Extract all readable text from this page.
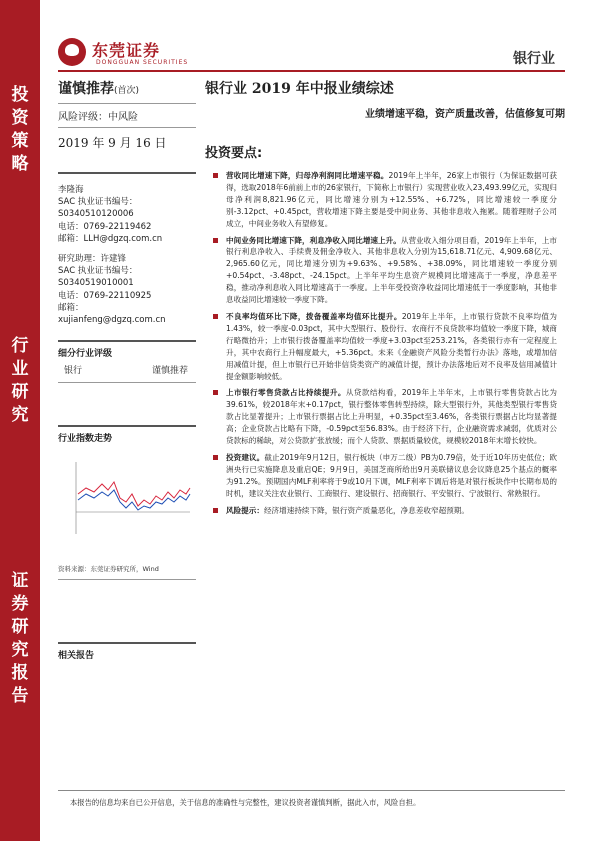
投
资
策
略
行
业
研
究
证
券
研
究
报
告
东莞证券
DONGGUAN SECURITIES	银行业
谨慎推荐(首次)
风险评级：中风险
李隆海
SAC 执业证书编号：
S0340510120006
电话：0769-22119462
邮箱：LLH@dgzq.com.cn
研究助理：许建锋
SAC 执业证书编号：
S0340519010001
电话：0769-22110925
邮箱：
xujianfeng@dgzq.com.cn
细分行业评级
银行	谨慎推荐
行业指数走势
资料来源：东莞证券研究所，Wind
相关报告
银行业 2019 年中报业绩综述
业绩增速平稳，资产质量改善，估值修复可期
2019 年 9 月 16 日
投资要点:
营收同比增速下降，归母净利润同比增速平稳。2019年上半年，26家上市银行（为保证数据可获得，选取2018年6前前上市的26家银行，下简称上市银行）实现营业收入23,493.99亿元，实现归母净利润8,821.96亿元，同比增速分别为+12.55%、+6.72%，同比增速较一季度分别-3.12pct、+0.45pct，营收增速下降主要是受中间业务、其他非息收入拖累。随着理财子公司成立，中间业务收入有望修复。
中间业务同比增速下降，利息净收入同比增速上升。从营业收入细分项目看，2019年上半年，上市银行利息净收入、手续费及佣金净收入、其他非息收入分别为15,618.71亿元、4,909.68亿元、2,965.60亿元，同比增速分别为+9.63%、+9.58%、+38.09%，同比增速较一季度分别+0.54pct、-3.48pct、-24.15pct。上半年平均生息资产规模同比增速高于一季度，净息差平稳，推动净利息收入同比增速高于一季度。上半年受投资净收益同比增速低于一季度影响，其他非息收益同比增速较一季度下降。
不良率均值环比下降，拨备覆盖率均值环比提升。2019年上半年，上市银行贷款不良率均值为1.43%，较一季度-0.03pct，其中大型银行、股份行、农商行不良贷款率均值较一季度下降，城商行略微抬升；上市银行拨备覆盖率均值较一季度+3.03pct至253.21%，各类银行亦有一定程度上升，其中农商行上升幅度最大，+5.36pct。未来《金融资产风险分类暂行办法》落地，或增加信用减值计提，但上市银行已开始非信贷类资产的减值计提，预计办法落地后对不良率及信用减值计提金额影响较低。
上市银行零售贷款占比持续提升。从贷款结构看，2019年上半年末，上市银行零售贷款占比为39.61%，较2018年末+0.17pct，银行整体零售转型持续，除大型银行外，其他类型银行零售贷款占比显著提升；上市银行票据占比上升明显，+0.35pct至3.46%，各类银行票据占比均显著提高；企业贷款占比略有下降，-0.59pct至56.83%。由于经济下行，企业融资需求减弱，优质对公贷款标的稀缺，对公贷款扩张放缓；而个人贷款、票据质量较优，规模较2018年末增长较快。
投资建议。截止2019年9月12日，银行板块（申万二级）PB为0.79倍，处于近10年历史低位；欧洲央行已实施降息及重启QE；9月9日，美国芝商所给出9月美联储议息会议降息25个基点的概率为91.2%。预期国内MLF利率将于9或10月下调，MLF利率下调后将是对银行板块作中长期布局的时机，建议关注农业银行、工商银行、建设银行、招商银行、平安银行、宁波银行、常熟银行。
风险提示：经济增速持续下降，银行资产质量恶化，净息差收窄超预期。
本报告的信息均来自已公开信息，关于信息的准确性与完整性，建议投资者谨慎判断，据此入市，风险自担。
